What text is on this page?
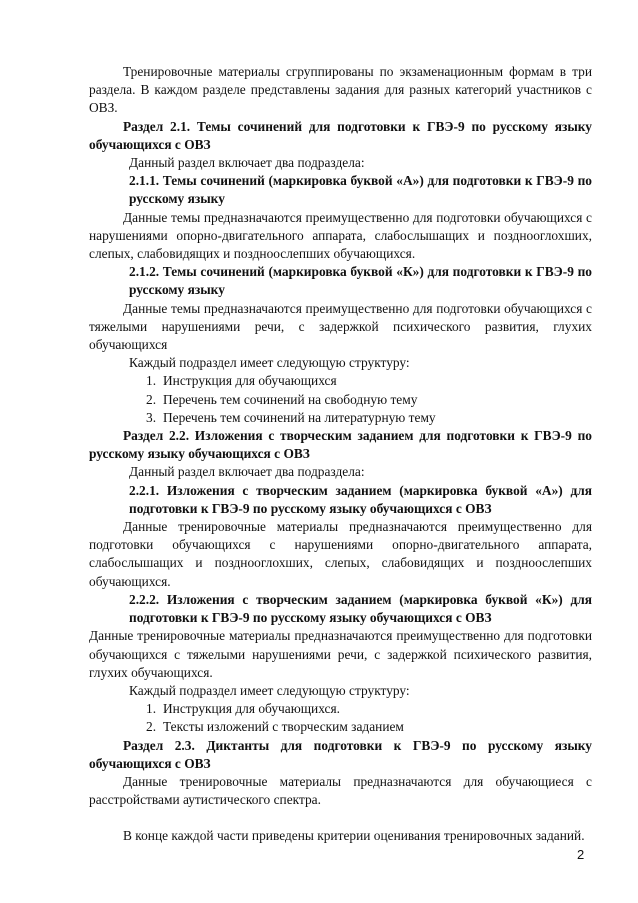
Тренировочные материалы сгруппированы по экзаменационным формам в три раздела. В каждом разделе представлены задания для разных категорий участников с ОВЗ.

Раздел 2.1. Темы сочинений для подготовки к ГВЭ-9 по русскому языку обучающихся с ОВЗ

Данный раздел включает два подраздела:

2.1.1. Темы сочинений (маркировка буквой «А») для подготовки к ГВЭ-9 по русскому языку

Данные темы предназначаются преимущественно для подготовки обучающихся с нарушениями опорно-двигательного аппарата, слабослышащих и позднооглохших, слепых, слабовидящих и поздноослепших обучающихся.

2.1.2. Темы сочинений (маркировка буквой «К») для подготовки к ГВЭ-9 по русскому языку

Данные темы предназначаются преимущественно для подготовки обучающихся с тяжелыми нарушениями речи, с задержкой психического развития, глухих обучающихся

Каждый подраздел имеет следующую структуру:

1. Инструкция для обучающихся
2. Перечень тем сочинений на свободную тему
3. Перечень тем сочинений на литературную тему

Раздел 2.2. Изложения с творческим заданием для подготовки к ГВЭ-9 по русскому языку обучающихся с ОВЗ

Данный раздел включает два подраздела:

2.2.1. Изложения с творческим заданием (маркировка буквой «А») для подготовки к ГВЭ-9 по русскому языку обучающихся с ОВЗ

Данные тренировочные материалы предназначаются преимущественно для подготовки обучающихся с нарушениями опорно-двигательного аппарата, слабослышащих и позднооглохших, слепых, слабовидящих и поздноослепших обучающихся.

2.2.2. Изложения с творческим заданием (маркировка буквой «К») для подготовки к ГВЭ-9 по русскому языку обучающихся с ОВЗ

Данные тренировочные материалы предназначаются преимущественно для подготовки обучающихся с тяжелыми нарушениями речи, с задержкой психического развития, глухих обучающихся.

Каждый подраздел имеет следующую структуру:

1. Инструкция для обучающихся.
2. Тексты изложений с творческим заданием

Раздел 2.3. Диктанты для подготовки к ГВЭ-9 по русскому языку обучающихся с ОВЗ

Данные тренировочные материалы предназначаются для обучающиеся с расстройствами аутистического спектра.

В конце каждой части приведены критерии оценивания тренировочных заданий.

2
